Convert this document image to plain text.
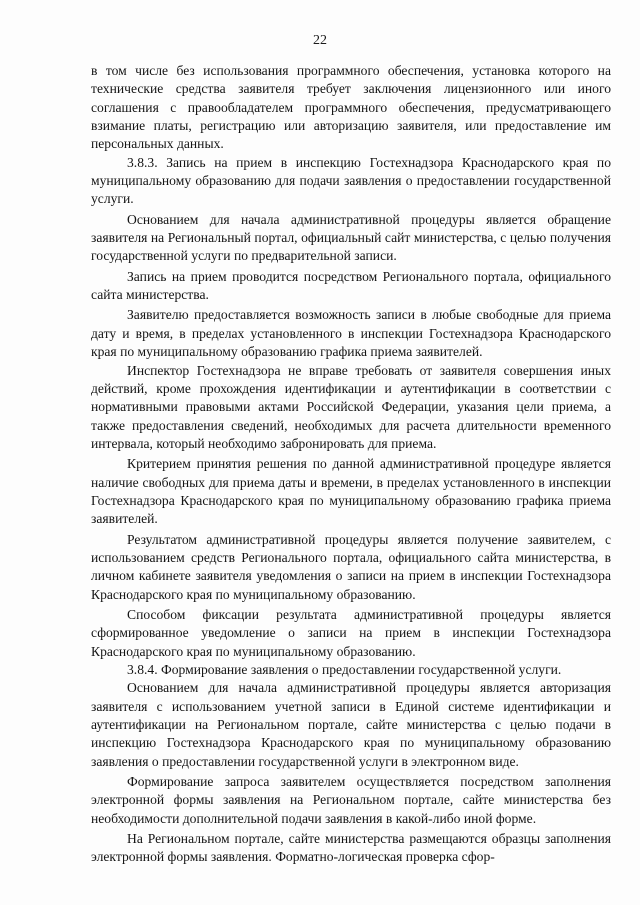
22

в том числе без использования программного обеспечения, установка которого на технические средства заявителя требует заключения лицензионного или иного соглашения с правообладателем программного обеспечения, предусматривающего взимание платы, регистрацию или авторизацию заявителя, или предоставление им персональных данных.

3.8.3. Запись на прием в инспекцию Гостехнадзора Краснодарского края по муниципальному образованию для подачи заявления о предоставлении государственной услуги.

Основанием для начала административной процедуры является обращение заявителя на Региональный портал, официальный сайт министерства, с целью получения государственной услуги по предварительной записи.

Запись на прием проводится посредством Регионального портала, официального сайта министерства.

Заявителю предоставляется возможность записи в любые свободные для приема дату и время, в пределах установленного в инспекции Гостехнадзора Краснодарского края по муниципальному образованию графика приема заявителей.

Инспектор Гостехнадзора не вправе требовать от заявителя совершения иных действий, кроме прохождения идентификации и аутентификации в соответствии с нормативными правовыми актами Российской Федерации, указания цели приема, а также предоставления сведений, необходимых для расчета длительности временного интервала, который необходимо забронировать для приема.

Критерием принятия решения по данной административной процедуре является наличие свободных для приема даты и времени, в пределах установленного в инспекции Гостехнадзора Краснодарского края по муниципальному образованию графика приема заявителей.

Результатом административной процедуры является получение заявителем, с использованием средств Регионального портала, официального сайта министерства, в личном кабинете заявителя уведомления о записи на прием в инспекции Гостехнадзора Краснодарского края по муниципальному образованию.

Способом фиксации результата административной процедуры является сформированное уведомление о записи на прием в инспекции Гостехнадзора Краснодарского края по муниципальному образованию.

3.8.4. Формирование заявления о предоставлении государственной услуги.

Основанием для начала административной процедуры является авторизация заявителя с использованием учетной записи в Единой системе идентификации и аутентификации на Региональном портале, сайте министерства с целью подачи в инспекцию Гостехнадзора Краснодарского края по муниципальному образованию заявления о предоставлении государственной услуги в электронном виде.

Формирование запроса заявителем осуществляется посредством заполнения электронной формы заявления на Региональном портале, сайте министерства без необходимости дополнительной подачи заявления в какой-либо иной форме.

На Региональном портале, сайте министерства размещаются образцы заполнения электронной формы заявления. Форматно-логическая проверка сфор-
